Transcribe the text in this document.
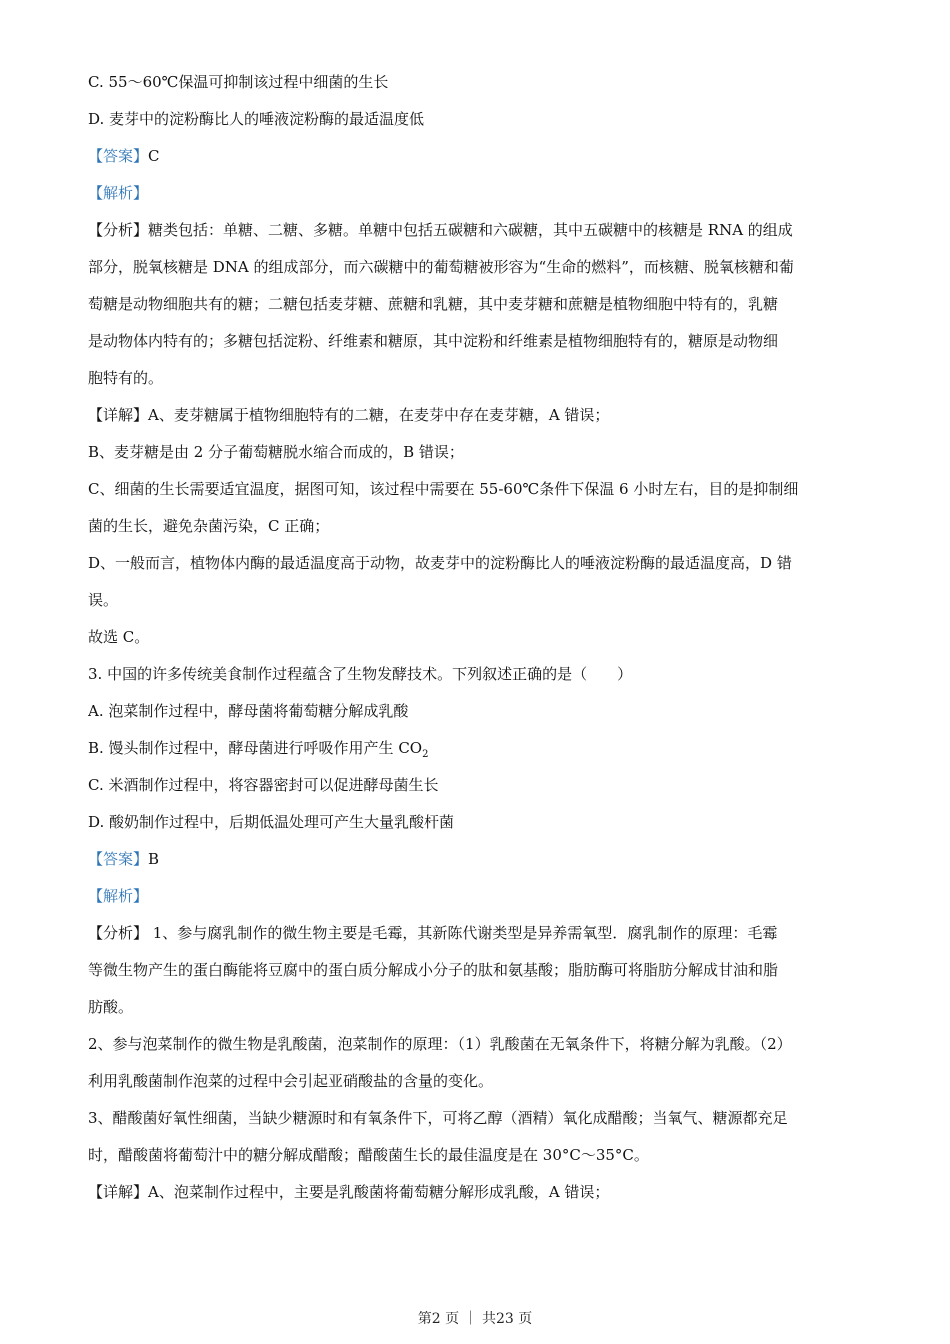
C. 55～60℃保温可抑制该过程中细菌的生长

D. 麦芽中的淀粉酶比人的唾液淀粉酶的最适温度低

【答案】C

【解析】

【分析】糖类包括：单糖、二糖、多糖。单糖中包括五碳糖和六碳糖，其中五碳糖中的核糖是 RNA 的组成

部分，脱氧核糖是 DNA 的组成部分，而六碳糖中的葡萄糖被形容为“生命的燃料”，而核糖、脱氧核糖和葡

萄糖是动物细胞共有的糖；二糖包括麦芽糖、蔗糖和乳糖，其中麦芽糖和蔗糖是植物细胞中特有的，乳糖

是动物体内特有的；多糖包括淀粉、纤维素和糖原，其中淀粉和纤维素是植物细胞特有的，糖原是动物细

胞特有的。

【详解】A、麦芽糖属于植物细胞特有的二糖，在麦芽中存在麦芽糖，A 错误；

B、麦芽糖是由 2 分子葡萄糖脱水缩合而成的，B 错误；

C、细菌的生长需要适宜温度，据图可知，该过程中需要在 55-60℃条件下保温 6 小时左右，目的是抑制细

菌的生长，避免杂菌污染，C 正确；

D、一般而言，植物体内酶的最适温度高于动物，故麦芽中的淀粉酶比人的唾液淀粉酶的最适温度高，D 错

误。

故选 C。

3. 中国的许多传统美食制作过程蕴含了生物发酵技术。下列叙述正确的是（　　）

A. 泡菜制作过程中，酵母菌将葡萄糖分解成乳酸

B. 馒头制作过程中，酵母菌进行呼吸作用产生 $CO_2$

C. 米酒制作过程中，将容器密封可以促进酵母菌生长

D. 酸奶制作过程中，后期低温处理可产生大量乳酸杆菌

【答案】B

【解析】

【分析】 1、参与腐乳制作的微生物主要是毛霉，其新陈代谢类型是异养需氧型．腐乳制作的原理：毛霉

等微生物产生的蛋白酶能将豆腐中的蛋白质分解成小分子的肽和氨基酸；脂肪酶可将脂肪分解成甘油和脂

肪酸。

2、参与泡菜制作的微生物是乳酸菌，泡菜制作的原理：（1）乳酸菌在无氧条件下，将糖分解为乳酸。（2）

利用乳酸菌制作泡菜的过程中会引起亚硝酸盐的含量的变化。

3、醋酸菌好氧性细菌，当缺少糖源时和有氧条件下，可将乙醇（酒精）氧化成醋酸；当氧气、糖源都充足

时，醋酸菌将葡萄汁中的糖分解成醋酸；醋酸菌生长的最佳温度是在 30°C～35°C。

【详解】A、泡菜制作过程中，主要是乳酸菌将葡萄糖分解形成乳酸，A 错误；

第2 页 ｜ 共23 页
